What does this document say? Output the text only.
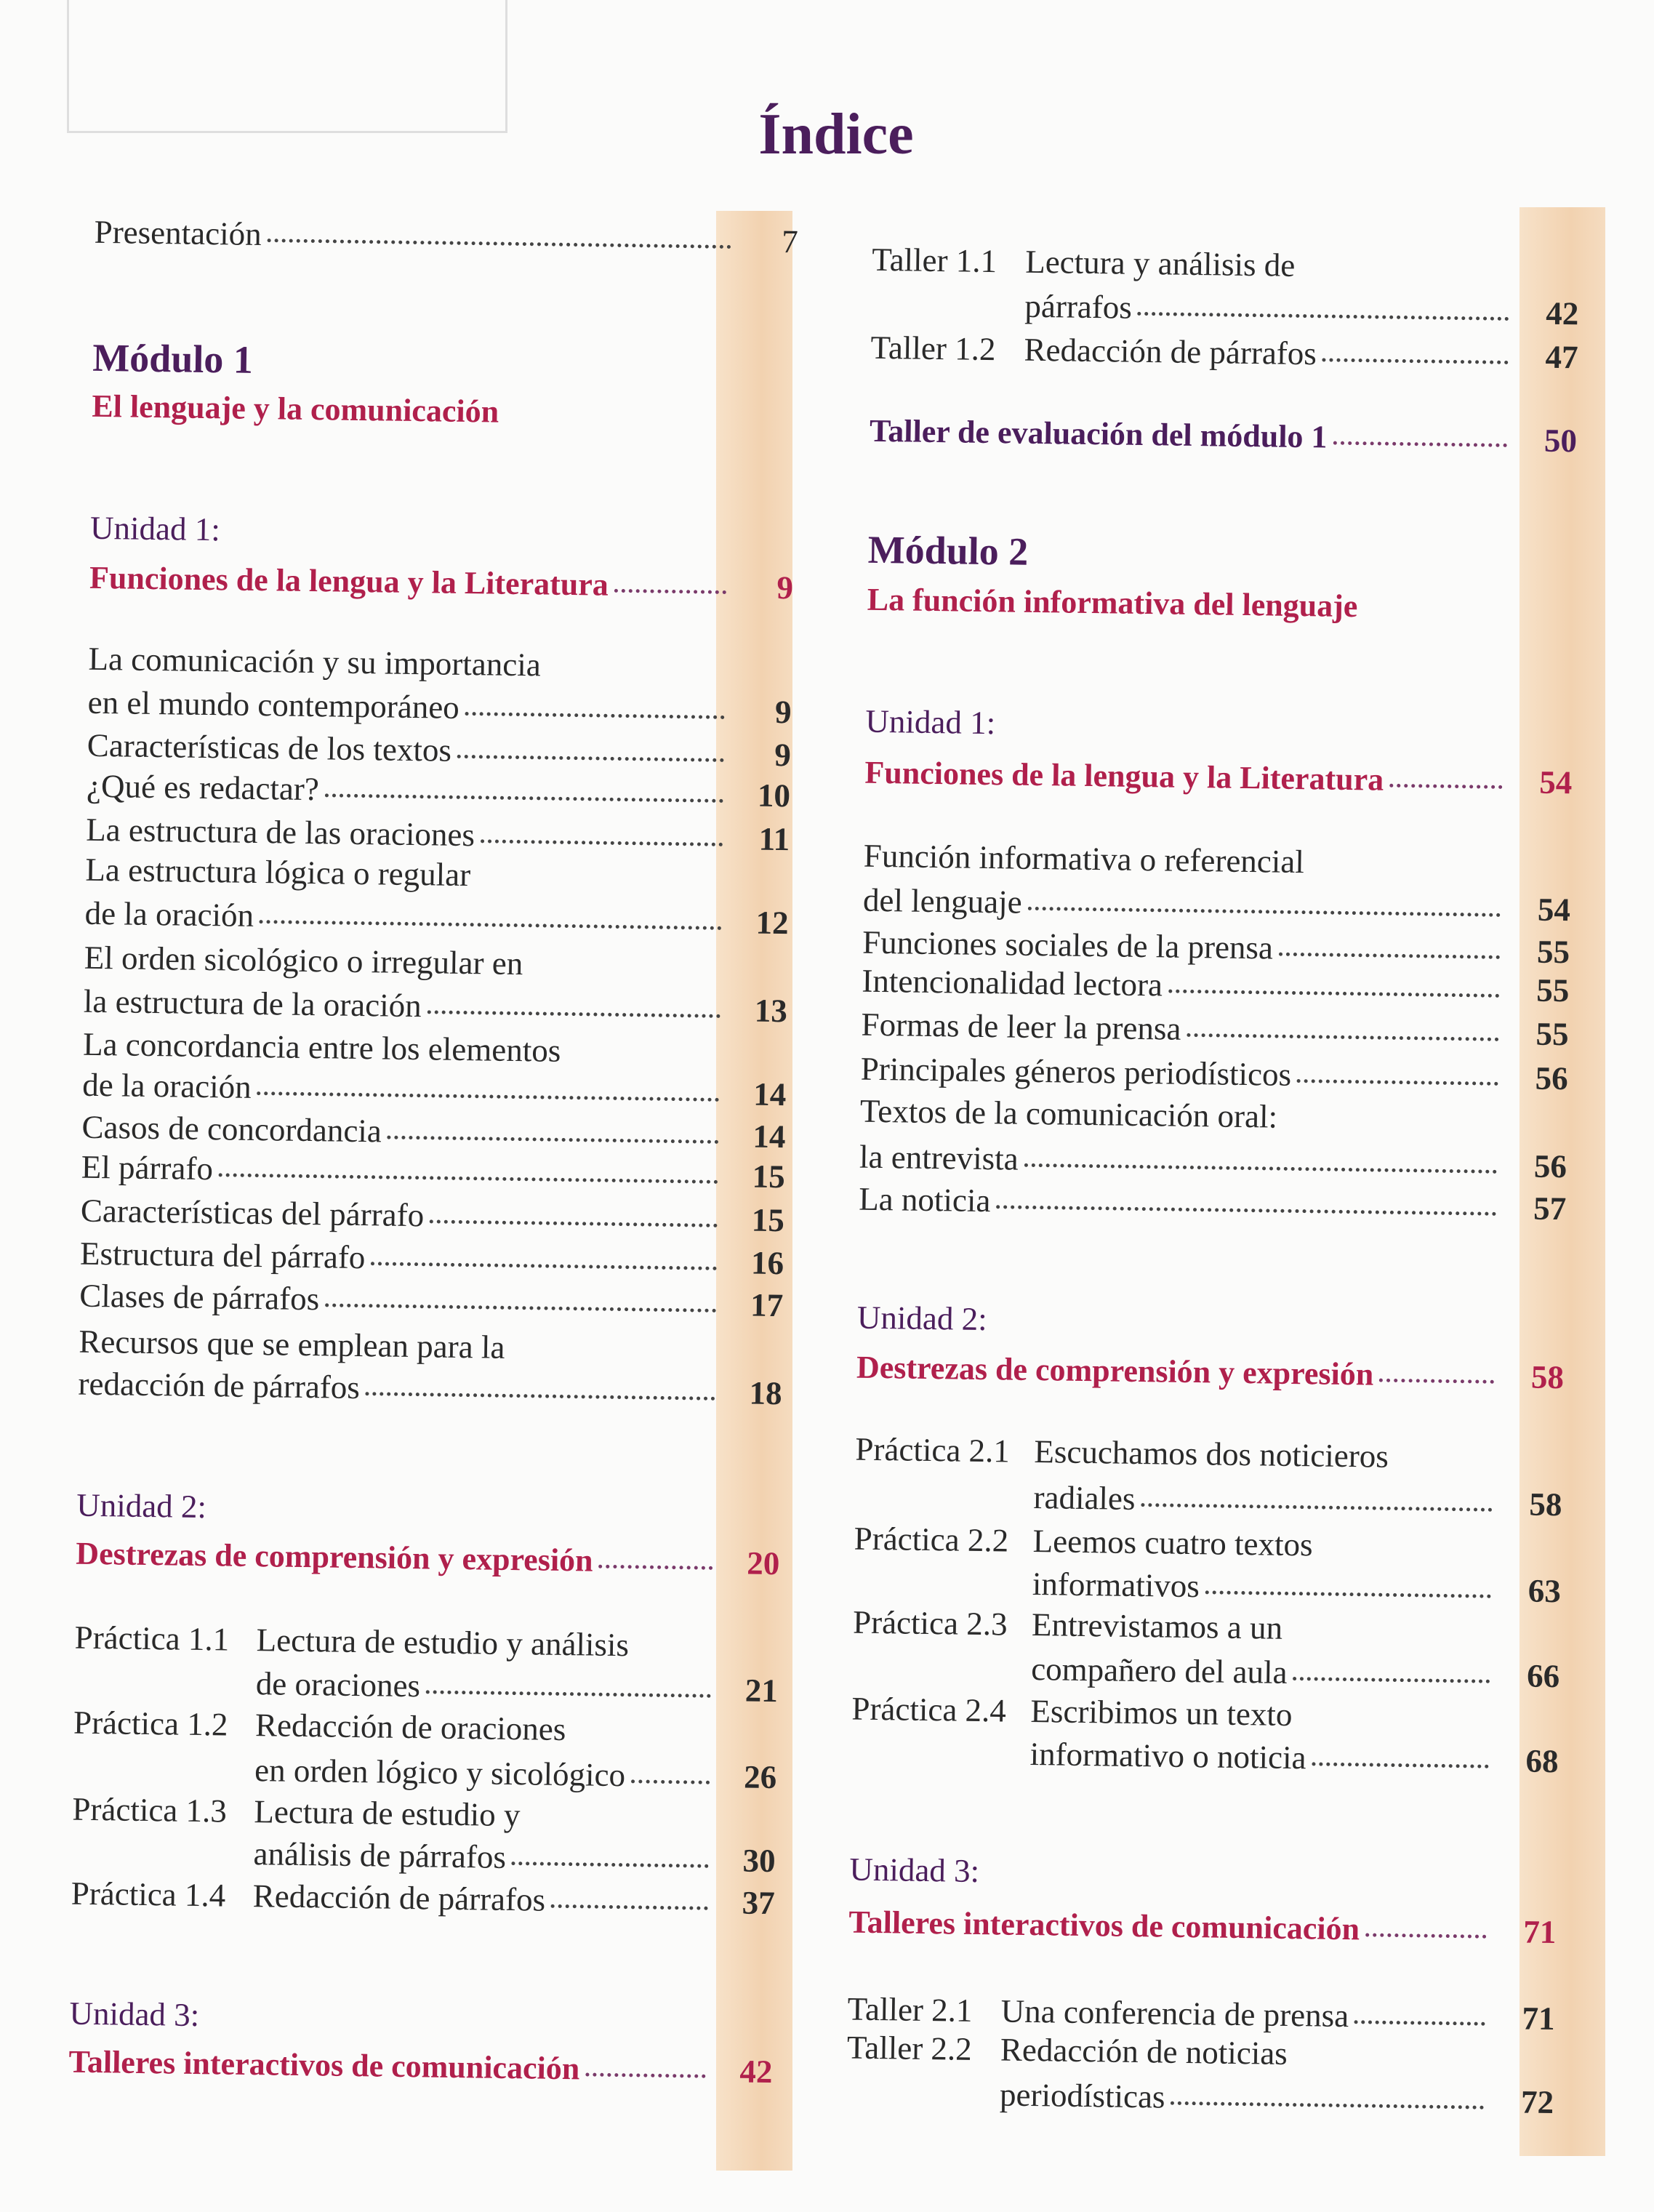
Índice
Presentación	7
Módulo 1
El lenguaje y la comunicación
Unidad 1:
Funciones de la lengua y la Literatura	9
La comunicación y su importancia
en el mundo contemporáneo	9
Características de los textos	9
¿Qué es redactar?	10
La estructura de las oraciones	11
La estructura lógica o regular
de la oración	12
El orden sicológico o irregular en
la estructura de la oración	13
La concordancia entre los elementos
de la oración	14
Casos de concordancia	14
El párrafo	15
Características del párrafo	15
Estructura del párrafo	16
Clases de párrafos	17
Recursos que se emplean para la
redacción de párrafos	18
Unidad 2:
Destrezas de comprensión y expresión	20
Práctica 1.1 Lectura de estudio y análisis
de oraciones	21
Práctica 1.2 Redacción de oraciones
en orden lógico y sicológico	26
Práctica 1.3 Lectura de estudio y
análisis de párrafos	30
Práctica 1.4 Redacción de párrafos	37
Unidad 3:
Talleres interactivos de comunicación	42
Taller 1.1 Lectura y análisis de
párrafos	42
Taller 1.2 Redacción de párrafos	47
Taller de evaluación del módulo 1	50
Módulo 2
La función informativa del lenguaje
Unidad 1:
Funciones de la lengua y la Literatura	54
Función informativa o referencial
del lenguaje	54
Funciones sociales de la prensa	55
Intencionalidad lectora	55
Formas de leer la prensa	55
Principales géneros periodísticos	56
Textos de la comunicación oral:
la entrevista	56
La noticia	57
Unidad 2:
Destrezas de comprensión y expresión	58
Práctica 2.1 Escuchamos dos noticieros
radiales	58
Práctica 2.2 Leemos cuatro textos
informativos	63
Práctica 2.3 Entrevistamos a un
compañero del aula	66
Práctica 2.4 Escribimos un texto
informativo o noticia	68
Unidad 3:
Talleres interactivos de comunicación	71
Taller 2.1 Una conferencia de prensa	71
Taller 2.2 Redacción de noticias
periodísticas	72
